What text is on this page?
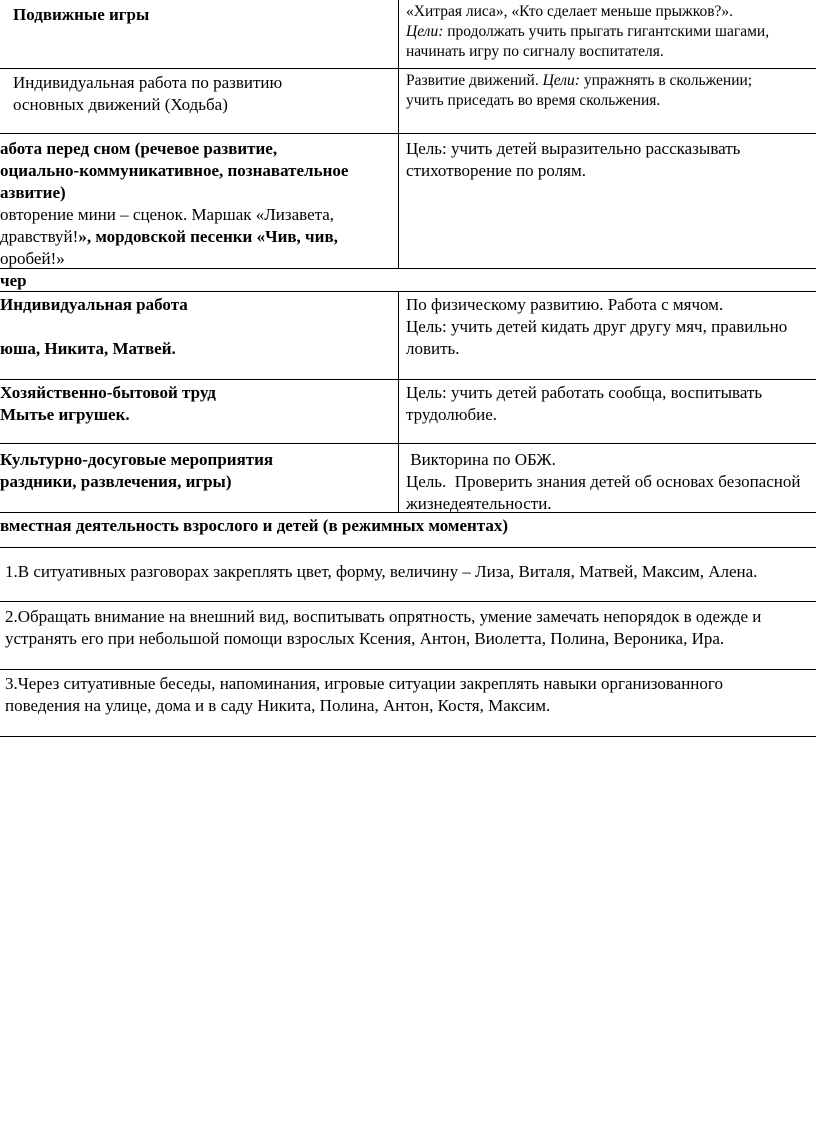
Подвижные игры	«Хитрая лиса», «Кто сделает меньше прыжков?».
Цели: продолжать учить прыгать гигантскими шагами,
начинать игру по сигналу воспитателя.
Индивидуальная работа по развитию
основных движений (Ходьба)
Развитие движений. Цели: упражнять в скольжении;
учить приседать во время скольжения.
абота перед сном (речевое развитие,
оциально-коммуникативное, познавательное
азвитие)
овторение мини – сценок. Маршак «Лизавета,
дравствуй!», мордовской песенки «Чив, чив,
оробей!»
Цель: учить детей выразительно рассказывать
стихотворение по ролям.
чер
Индивидуальная работа
юша, Никита, Матвей.
По физическому развитию. Работа с мячом.
Цель: учить детей кидать друг другу мяч, правильно
ловить.
Хозяйственно-бытовой труд
Мытье игрушек.
Цель: учить детей работать сообща, воспитывать
трудолюбие.
Культурно-досуговые мероприятия
раздники, развлечения, игры)
Викторина по ОБЖ.
Цель.  Проверить знания детей об основах безопасной
жизнедеятельности.
вместная деятельность взрослого и детей (в режимных моментах)
1.В ситуативных разговорах закреплять цвет, форму, величину – Лиза, Виталя, Матвей, Максим, Алена.
2.Обращать внимание на внешний вид, воспитывать опрятность, умение замечать непорядок в одежде и
устранять его при небольшой помощи взрослых Ксения, Антон, Виолетта, Полина, Вероника, Ира.
3.Через ситуативные беседы, напоминания, игровые ситуации закреплять навыки организованного
поведения на улице, дома и в саду Никита, Полина, Антон, Костя, Максим.
